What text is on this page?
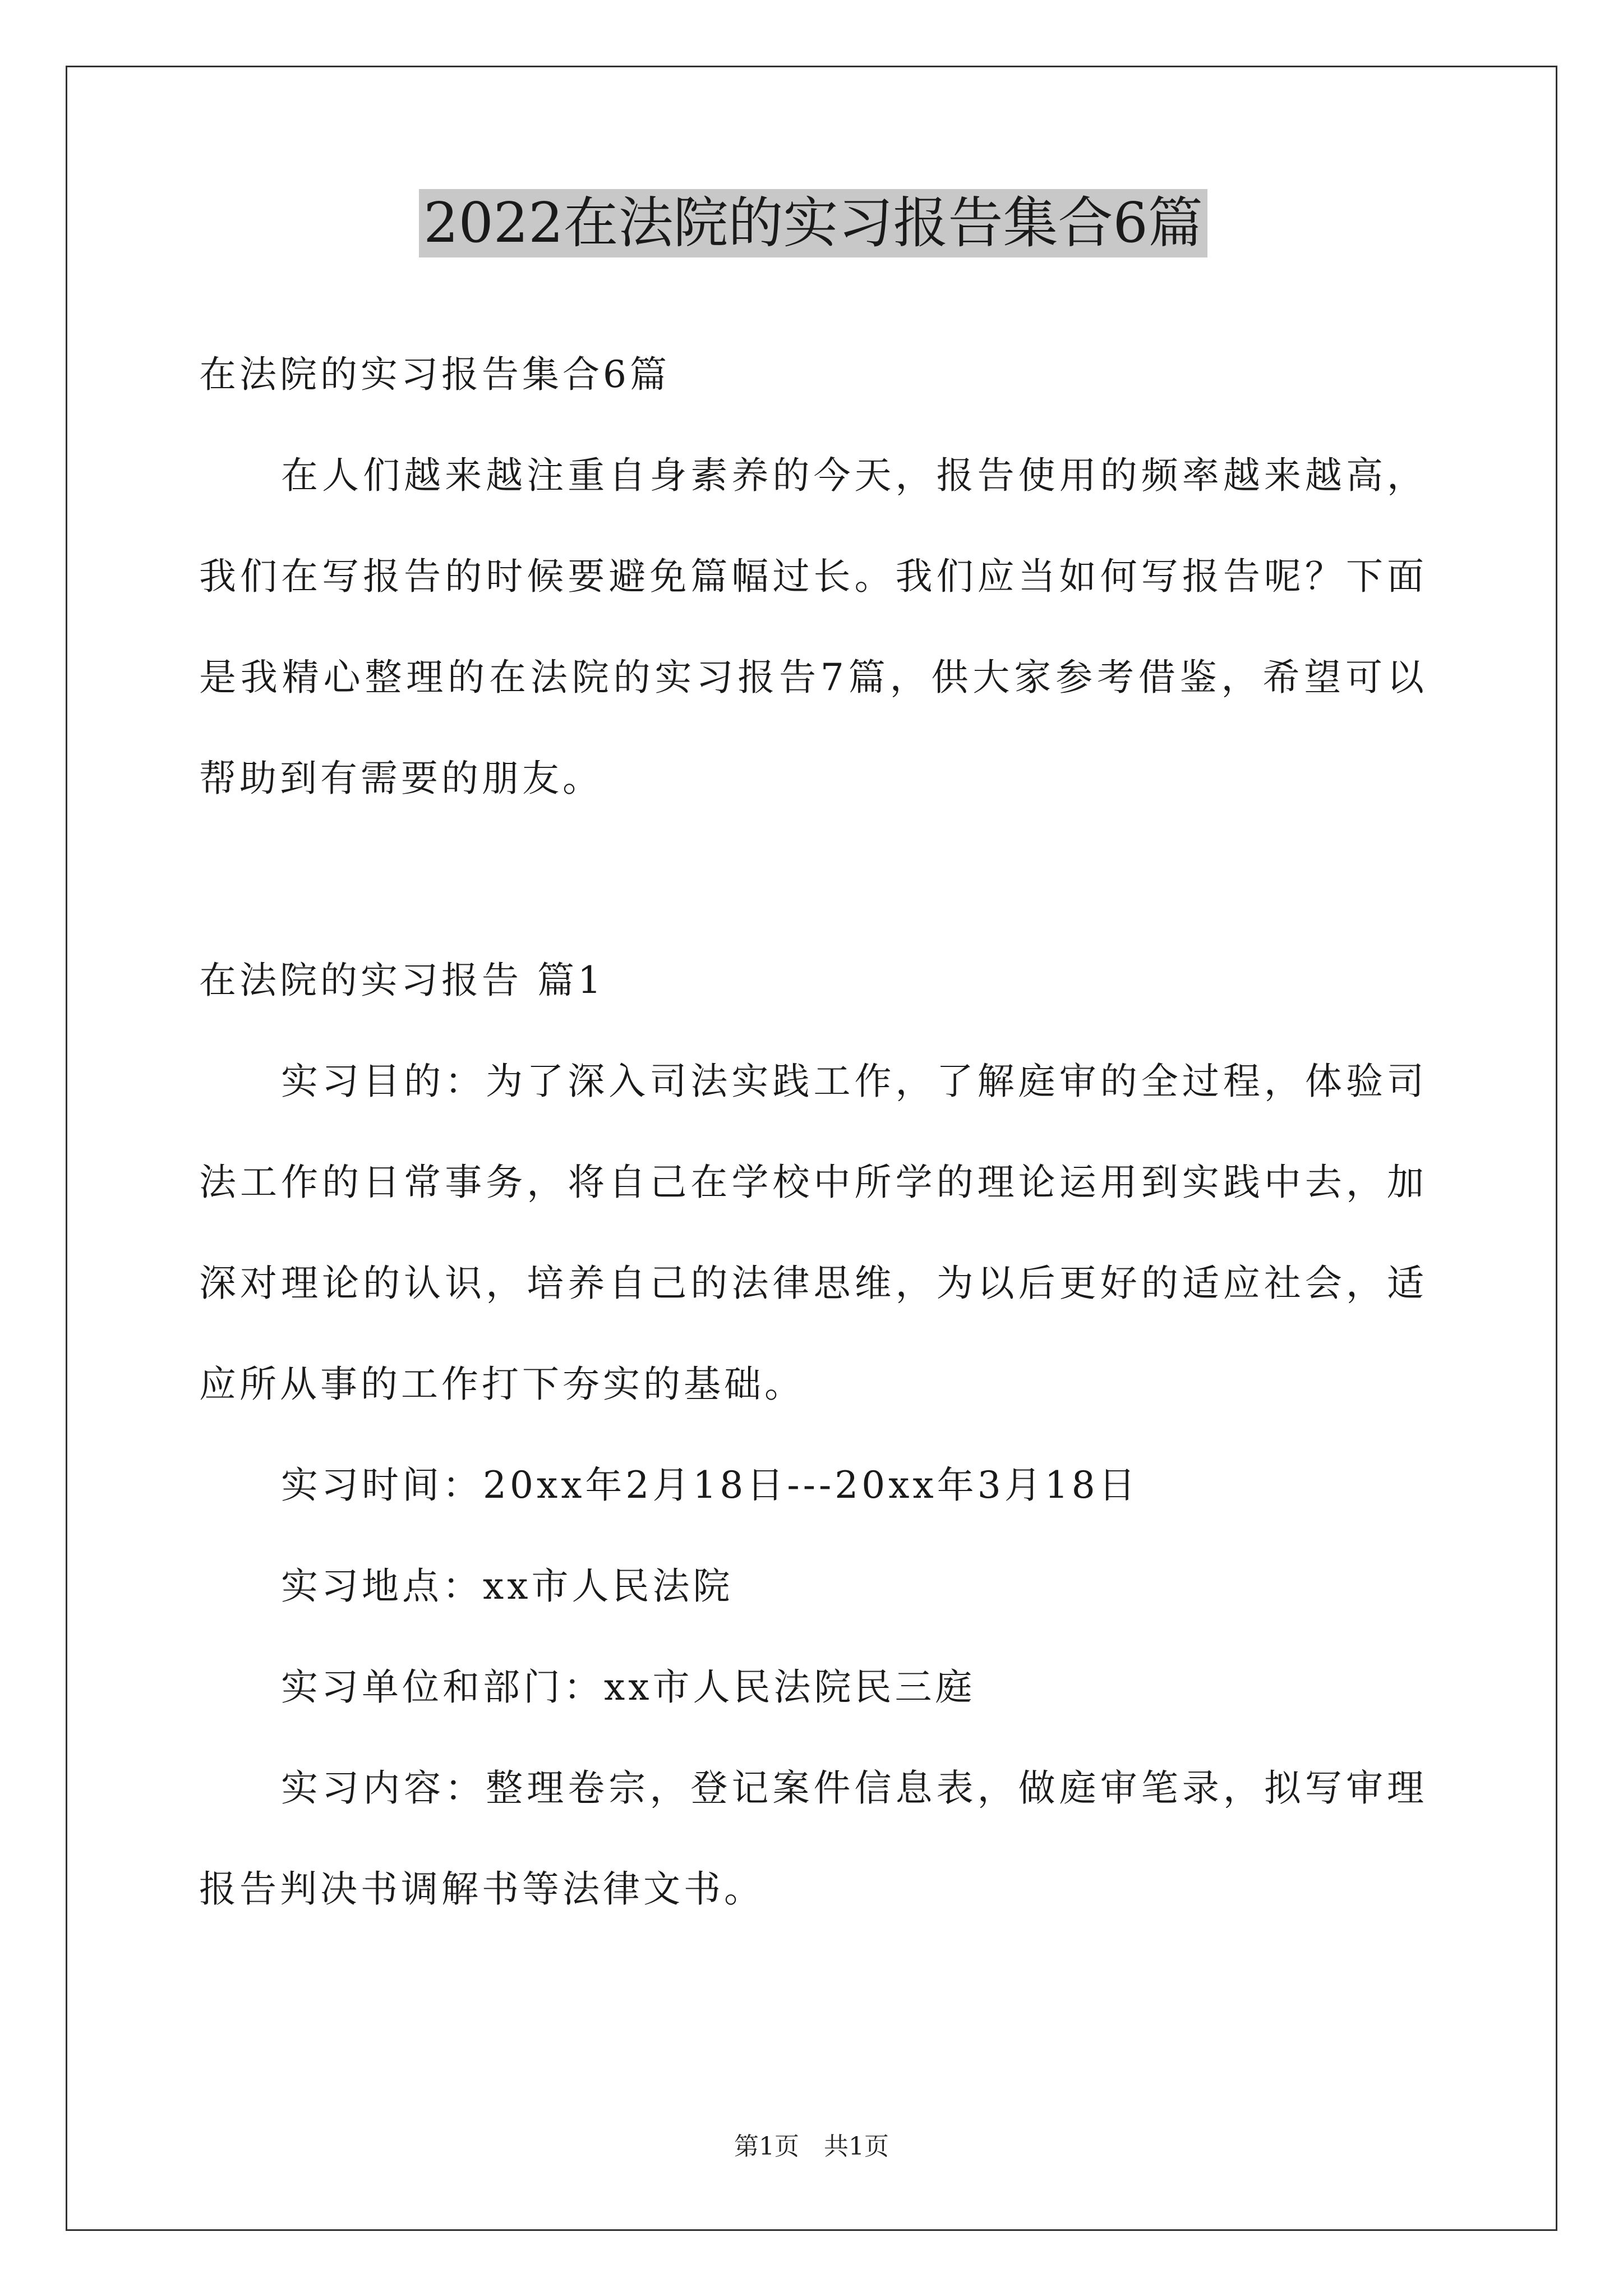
2022在法院的实习报告集合6篇

在法院的实习报告集合6篇

在人们越来越注重自身素养的今天，报告使用的频率越来越高，我们在写报告的时候要避免篇幅过长。我们应当如何写报告呢？下面是我精心整理的在法院的实习报告7篇，供大家参考借鉴，希望可以帮助到有需要的朋友。

在法院的实习报告 篇1

实习目的：为了深入司法实践工作，了解庭审的全过程，体验司法工作的日常事务，将自己在学校中所学的理论运用到实践中去，加深对理论的认识，培养自己的法律思维，为以后更好的适应社会，适应所从事的工作打下夯实的基础。

实习时间：20xx年2月18日---20xx年3月18日

实习地点：xx市人民法院

实习单位和部门：xx市人民法院民三庭

实习内容：整理卷宗，登记案件信息表，做庭审笔录，拟写审理报告判决书调解书等法律文书。

第1页　共1页
